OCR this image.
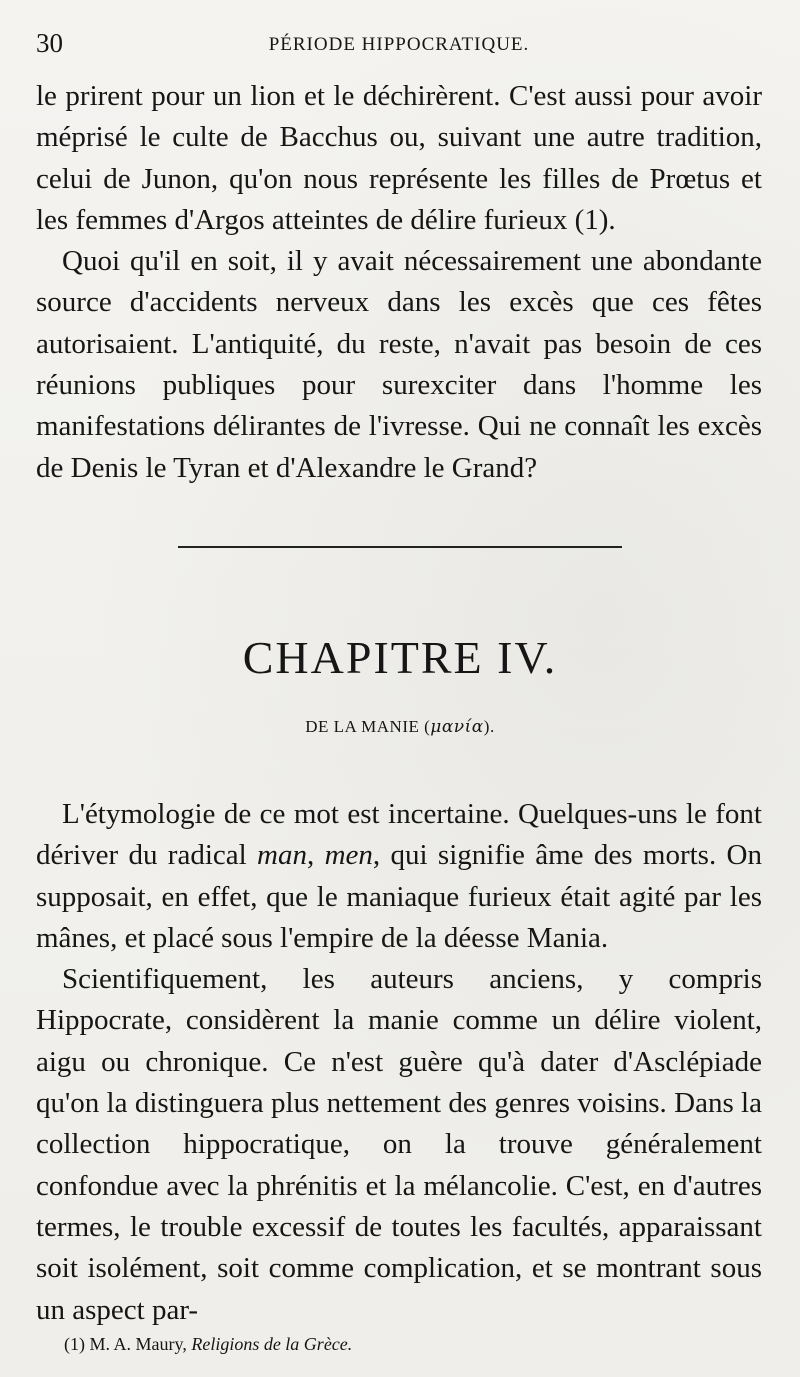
30	PÉRIODE HIPPOCRATIQUE.

le prirent pour un lion et le déchirèrent. C'est aussi pour avoir méprisé le culte de Bacchus ou, suivant une autre tradition, celui de Junon, qu'on nous représente les filles de Prœtus et les femmes d'Argos atteintes de délire furieux (1).

Quoi qu'il en soit, il y avait nécessairement une abondante source d'accidents nerveux dans les excès que ces fêtes autorisaient. L'antiquité, du reste, n'avait pas besoin de ces réunions publiques pour surexciter dans l'homme les manifestations délirantes de l'ivresse. Qui ne connaît les excès de Denis le Tyran et d'Alexandre le Grand?

CHAPITRE IV.
DE LA MANIE (μανία).

L'étymologie de ce mot est incertaine. Quelques-uns le font dériver du radical man, men, qui signifie âme des morts. On supposait, en effet, que le maniaque furieux était agité par les mânes, et placé sous l'empire de la déesse Mania.

Scientifiquement, les auteurs anciens, y compris Hippocrate, considèrent la manie comme un délire violent, aigu ou chronique. Ce n'est guère qu'à dater d'Asclépiade qu'on la distinguera plus nettement des genres voisins. Dans la collection hippocratique, on la trouve généralement confondue avec la phrénitis et la mélancolie. C'est, en d'autres termes, le trouble excessif de toutes les facultés, apparaissant soit isolément, soit comme complication, et se montrant sous un aspect par-

(1) M. A. Maury, Religions de la Grèce.
